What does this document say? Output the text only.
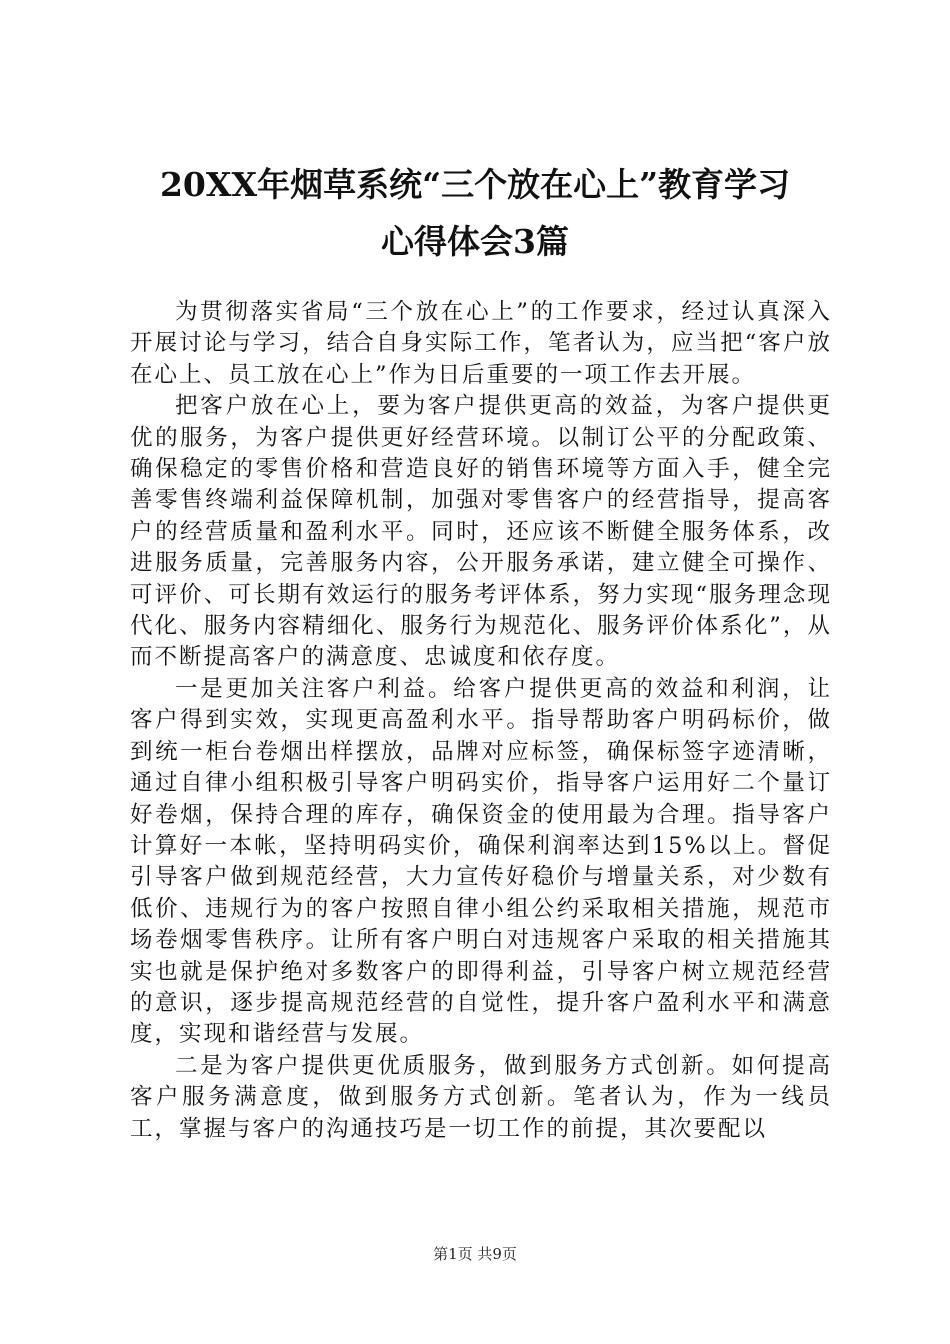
20XX年烟草系统“三个放在心上”教育学习
心得体会3篇

为贯彻落实省局“三个放在心上”的工作要求，经过认真深入开展讨论与学习，结合自身实际工作，笔者认为，应当把“客户放在心上、员工放在心上”作为日后重要的一项工作去开展。

把客户放在心上，要为客户提供更高的效益，为客户提供更优的服务，为客户提供更好经营环境。以制订公平的分配政策、确保稳定的零售价格和营造良好的销售环境等方面入手，健全完善零售终端利益保障机制，加强对零售客户的经营指导，提高客户的经营质量和盈利水平。同时，还应该不断健全服务体系，改进服务质量，完善服务内容，公开服务承诺，建立健全可操作、可评价、可长期有效运行的服务考评体系，努力实现“服务理念现代化、服务内容精细化、服务行为规范化、服务评价体系化”，从而不断提高客户的满意度、忠诚度和依存度。

一是更加关注客户利益。给客户提供更高的效益和利润，让客户得到实效，实现更高盈利水平。指导帮助客户明码标价，做到统一柜台卷烟出样摆放，品牌对应标签，确保标签字迹清晰，通过自律小组积极引导客户明码实价，指导客户运用好二个量订好卷烟，保持合理的库存，确保资金的使用最为合理。指导客户计算好一本帐，坚持明码实价，确保利润率达到15%以上。督促引导客户做到规范经营，大力宣传好稳价与增量关系，对少数有低价、违规行为的客户按照自律小组公约采取相关措施，规范市场卷烟零售秩序。让所有客户明白对违规客户采取的相关措施其实也就是保护绝对多数客户的即得利益，引导客户树立规范经营的意识，逐步提高规范经营的自觉性，提升客户盈利水平和满意度，实现和谐经营与发展。

二是为客户提供更优质服务，做到服务方式创新。如何提高客户服务满意度，做到服务方式创新。笔者认为，作为一线员工，掌握与客户的沟通技巧是一切工作的前提，其次要配以

第1页 共9页
